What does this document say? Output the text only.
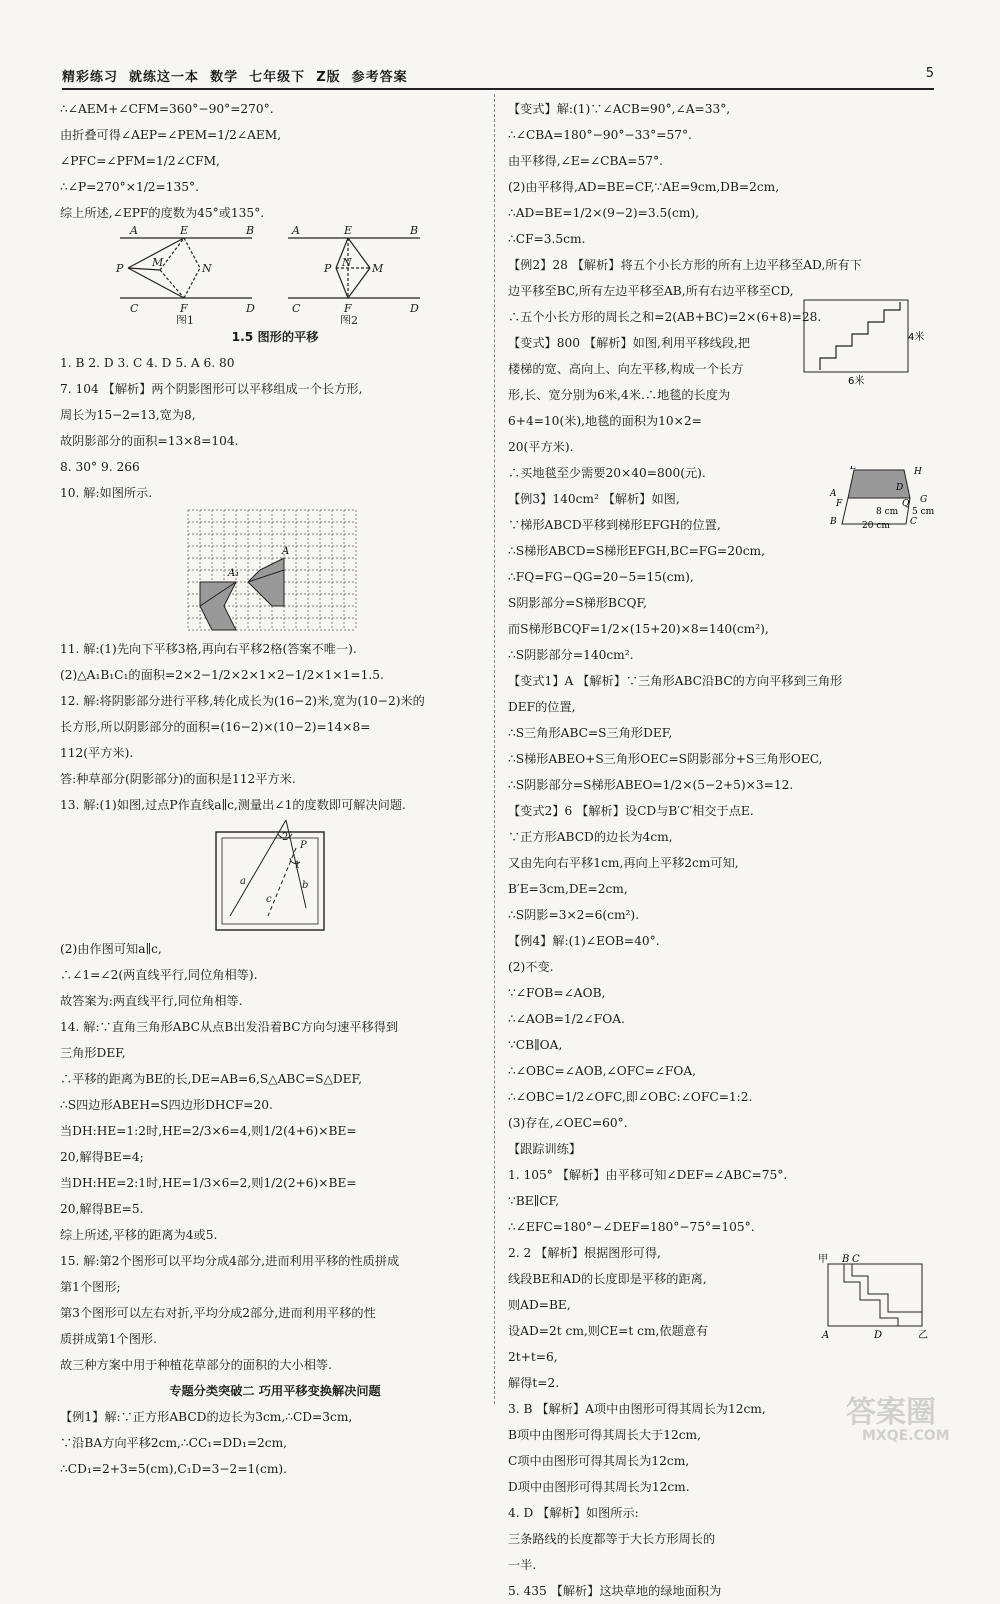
精彩练习  就练这一本  数学  七年级下  Z版  参考答案	5
∴∠AEM+∠CFM=360°−90°=270°.
由折叠可得∠AEP=∠PEM=1/2∠AEM,
∠PFC=∠PFM=1/2∠CFM,
∴∠P=270°×1/2=135°.
综上所述,∠EPF的度数为45°或135°.
A	E	B
P	M	N
C	F	D
A	E	B
P N M
C	F	D
图1	图2
1.5 图形的平移
1. B 2. D 3. C 4. D 5. A 6. 80
7. 104 【解析】两个阴影图形可以平移组成一个长方形,
周长为15−2=13,宽为8,
故阴影部分的面积=13×8=104.
8. 30° 9. 266
10. 解:如图所示.
A
A₁
11. 解:(1)先向下平移3格,再向右平移2格(答案不唯一).
(2)△A₁B₁C₁的面积=2×2−1/2×2×1×2−1/2×1×1=1.5.
12. 解:将阴影部分进行平移,转化成长为(16−2)米,宽为(10−2)米的
长方形,所以阴影部分的面积=(16−2)×(10−2)=14×8=
112(平方米).
答:种草部分(阴影部分)的面积是112平方米.
13. 解:(1)如图,过点P作直线a∥c,测量出∠1的度数即可解决问题.
2
P
1
a	b
c
(2)由作图可知a∥c,
∴∠1=∠2(两直线平行,同位角相等).
故答案为:两直线平行,同位角相等.
14. 解:∵直角三角形ABC从点B出发沿着BC方向匀速平移得到
三角形DEF,
∴平移的距离为BE的长,DE=AB=6,S△ABC=S△DEF,
∴S四边形ABEH=S四边形DHCF=20.
当DH:HE=1:2时,HE=2/3×6=4,则1/2(4+6)×BE=
20,解得BE=4;
当DH:HE=2:1时,HE=1/3×6=2,则1/2(2+6)×BE=
20,解得BE=5.
综上所述,平移的距离为4或5.
15. 解:第2个图形可以平均分成4部分,进而利用平移的性质拼成
第1个图形;
第3个图形可以左右对折,平均分成2部分,进而利用平移的性
质拼成第1个图形.
故三种方案中用于种植花草部分的面积的大小相等.
专题分类突破二 巧用平移变换解决问题
【例1】解:∵正方形ABCD的边长为3cm,∴CD=3cm,
∵沿BA方向平移2cm,∴CC₁=DD₁=2cm,
∴CD₁=2+3=5(cm),C₁D=3−2=1(cm).
【变式】解:(1)∵∠ACB=90°,∠A=33°,
∴∠CBA=180°−90°−33°=57°.
由平移得,∠E=∠CBA=57°.
(2)由平移得,AD=BE=CF,∵AE=9cm,DB=2cm,
∴AD=BE=1/2×(9−2)=3.5(cm),
∴CF=3.5cm.
【例2】28 【解析】将五个小长方形的所有上边平移至AD,所有下
边平移至BC,所有左边平移至AB,所有右边平移至CD,
∴五个小长方形的周长之和=2(AB+BC)=2×(6+8)=28.
【变式】800 【解析】如图,利用平移线段,把
楼梯的宽、高向上、向左平移,构成一个长方
形,长、宽分别为6米,4米.∴地毯的长度为
6+4=10(米),地毯的面积为10×2=
20(平方米).
∴买地毯至少需要20×40=800(元).
【例3】140cm² 【解析】如图,
∵梯形ABCD平移到梯形EFGH的位置,
∴S梯形ABCD=S梯形EFGH,BC=FG=20cm,
∴FQ=FG−QG=20−5=15(cm),
S阴影部分=S梯形BCQF,
而S梯形BCQF=1/2×(15+20)×8=140(cm²),
∴S阴影部分=140cm².
【变式1】A 【解析】∵三角形ABC沿BC的方向平移到三角形
DEF的位置,
∴S三角形ABC=S三角形DEF,
∴S梯形ABEO+S三角形OEC=S阴影部分+S三角形OEC,
∴S阴影部分=S梯形ABEO=1/2×(5−2+5)×3=12.
【变式2】6 【解析】设CD与B′C′相交于点E.
∵正方形ABCD的边长为4cm,
又由先向右平移1cm,再向上平移2cm可知,
B′E=3cm,DE=2cm,
∴S阴影=3×2=6(cm²).
【例4】解:(1)∠EOB=40°.
(2)不变.
∵∠FOB=∠AOB,
∴∠AOB=1/2∠FOA.
∵CB∥OA,
∴∠OBC=∠AOB,∠OFC=∠FOA,
∴∠OBC=1/2∠OFC,即∠OBC:∠OFC=1:2.
(3)存在,∠OEC=60°.
【跟踪训练】
1. 105° 【解析】由平移可知∠DEF=∠ABC=75°.
∵BE∥CF,
∴∠EFC=180°−∠DEF=180°−75°=105°.
2. 2 【解析】根据图形可得,
线段BE和AD的长度即是平移的距离,
则AD=BE,
设AD=2t cm,则CE=t cm,依题意有
2t+t=6,
解得t=2.
3. B 【解析】A项中由图形可得其周长为12cm,
B项中由图形可得其周长大于12cm,
C项中由图形可得其周长为12cm,
D项中由图形可得其周长为12cm.
4. D 【解析】如图所示:
三条路线的长度都等于大长方形周长的
一半.
5. 435 【解析】这块草地的绿地面积为
4米
6米
E	H
A
D
F	Q G
8 cm 5 cm
B	20 cm C
甲 B C
A	D	乙
答案圈
MXQE.COM
